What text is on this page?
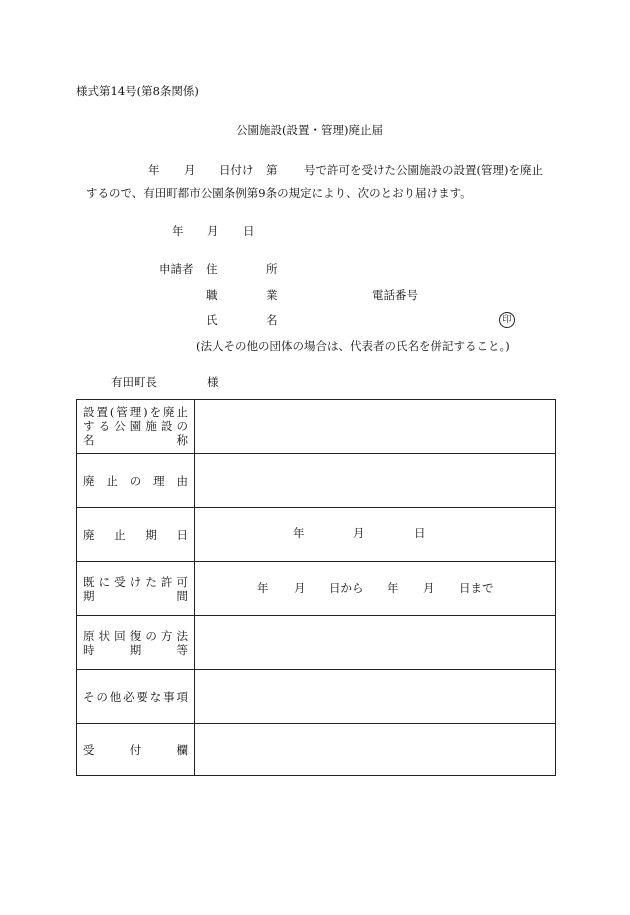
様式第14号(第8条関係)
公園施設(設置・管理)廃止届
年 月 日付け 第 号で許可を受けた公園施設の設置(管理)を廃止
するので、有田町都市公園条例第9条の規定により、次のとおり届けます。
年 月 日
申請者 住	所
職	業	電話番号
氏	名	印
(法人その他の団体の場合は、代表者の氏名を併記すること。)
有田町長	様
設置(管理)を廃止
する公園施設の
名　　　　　称
廃 止 の 理 由
廃　止　期　日	年	月	日
既に受けた許可
期　　　　　間
年 月 日から 年 月 日まで
原状回復の方法
時　　期　　等
その他必要な事項
受　　付　　欄
